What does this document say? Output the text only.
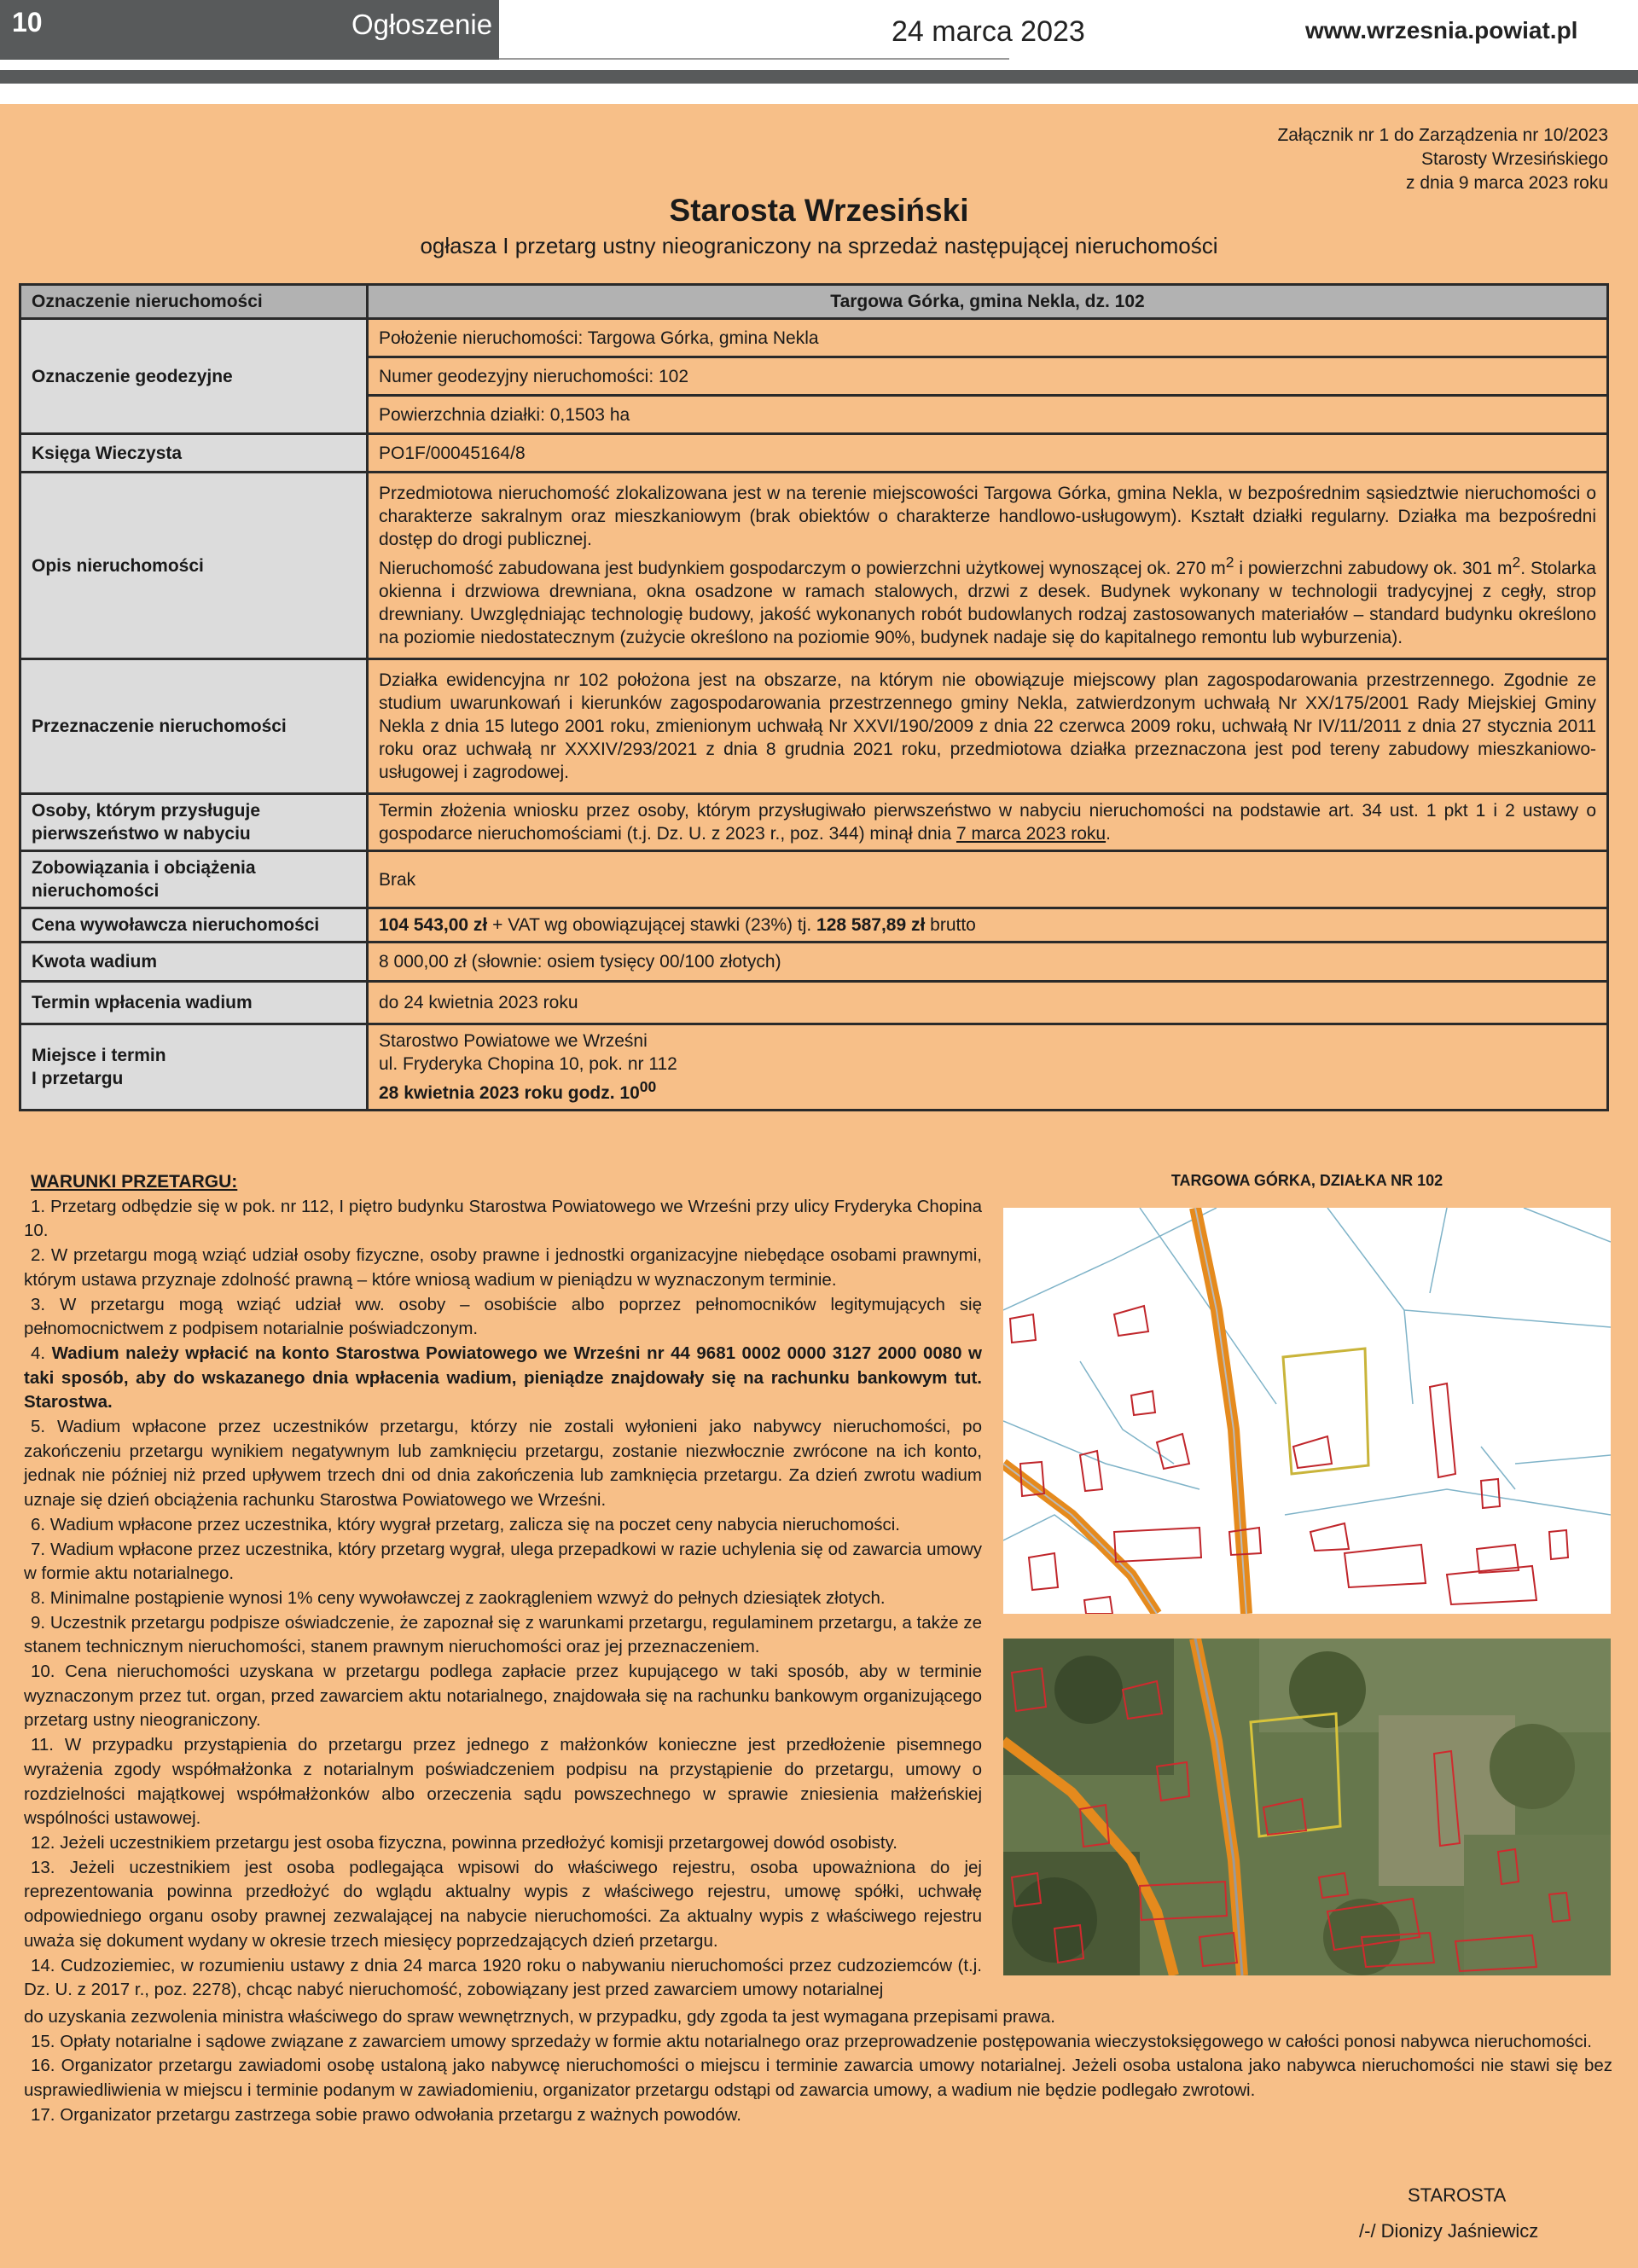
10	Ogłoszenie	24 marca 2023	www.wrzesnia.powiat.pl
Załącznik nr 1 do Zarządzenia nr 10/2023
Starosty Wrzesińskiego
z dnia 9 marca 2023 roku
Starosta Wrzesiński
ogłasza I przetarg ustny nieograniczony na sprzedaż następującej nieruchomości
Oznaczenie nieruchomości	Targowa Górka, gmina Nekla, dz. 102
Oznaczenie geodezyjne	Położenie nieruchomości: Targowa Górka, gmina Nekla
	Numer geodezyjny nieruchomości: 102
	Powierzchnia działki: 0,1503 ha
Księga Wieczysta	PO1F/00045164/8
Opis nieruchomości	Przedmiotowa nieruchomość zlokalizowana jest w na terenie miejscowości Targowa Górka, gmina Nekla, w bezpośrednim sąsiedztwie nieruchomości o charakterze sakralnym oraz mieszkaniowym (brak obiektów o charakterze handlowo-usługowym). Kształt działki regularny. Działka ma bezpośredni dostęp do drogi publicznej.
Nieruchomość zabudowana jest budynkiem gospodarczym o powierzchni użytkowej wynoszącej ok. 270 $m^2$ i powierzchni zabudowy ok. 301 $m^2$. Stolarka okienna i drzwiowa drewniana, okna osadzone w ramach stalowych, drzwi z desek. Budynek wykonany w technologii tradycyjnej z cegły, strop drewniany. Uwzględniając technologię budowy, jakość wykonanych robót budowlanych rodzaj zastosowanych materiałów – standard budynku określono na poziomie niedostatecznym (zużycie określono na poziomie 90%, budynek nadaje się do kapitalnego remontu lub wyburzenia).
Przeznaczenie nieruchomości	Działka ewidencyjna nr 102 położona jest na obszarze, na którym nie obowiązuje miejscowy plan zagospodarowania przestrzennego. Zgodnie ze studium uwarunkowań i kierunków zagospodarowania przestrzennego gminy Nekla, zatwierdzonym uchwałą Nr XX/175/2001 Rady Miejskiej Gminy Nekla z dnia 15 lutego 2001 roku, zmienionym uchwałą Nr XXVI/190/2009 z dnia 22 czerwca 2009 roku, uchwałą Nr IV/11/2011 z dnia 27 stycznia 2011 roku oraz uchwałą nr XXXIV/293/2021 z dnia 8 grudnia 2021 roku, przedmiotowa działka przeznaczona jest pod tereny zabudowy mieszkaniowo-usługowej i zagrodowej.
Osoby, którym przysługuje pierwszeństwo w nabyciu	Termin złożenia wniosku przez osoby, którym przysługiwało pierwszeństwo w nabyciu nieruchomości na podstawie art. 34 ust. 1 pkt 1 i 2 ustawy o gospodarce nieruchomościami (t.j. Dz. U. z 2023 r., poz. 344) minął dnia 7 marca 2023 roku.
Zobowiązania i obciążenia nieruchomości	Brak
Cena wywoławcza nieruchomości	104 543,00 zł + VAT wg obowiązującej stawki (23%) tj. 128 587,89 zł brutto
Kwota wadium	8 000,00 zł (słownie: osiem tysięcy 00/100 złotych)
Termin wpłacenia wadium	do 24 kwietnia 2023 roku
Miejsce i termin
I przetargu	Starostwo Powiatowe we Wrześni
ul. Fryderyka Chopina 10, pok. nr 112
28 kwietnia 2023 roku godz. $10^{00}$
WARUNKI PRZETARGU:

1. Przetarg odbędzie się w pok. nr 112, I piętro budynku Starostwa Powiatowego we Wrześni przy ulicy Fryderyka Chopina 10.

2. W przetargu mogą wziąć udział osoby fizyczne, osoby prawne i jednostki organizacyjne niebędące osobami prawnymi, którym ustawa przyznaje zdolność prawną – które wniosą wadium w pieniądzu w wyznaczonym terminie.

3. W przetargu mogą wziąć udział ww. osoby – osobiście albo poprzez pełnomocników legitymujących się pełnomocnictwem z podpisem notarialnie poświadczonym.

4. Wadium należy wpłacić na konto Starostwa Powiatowego we Wrześni nr 44 9681 0002 0000 3127 2000 0080 w taki sposób, aby do wskazanego dnia wpłacenia wadium, pieniądze znajdowały się na rachunku bankowym tut. Starostwa.

5. Wadium wpłacone przez uczestników przetargu, którzy nie zostali wyłonieni jako nabywcy nieruchomości, po zakończeniu przetargu wynikiem negatywnym lub zamknięciu przetargu, zostanie niezwłocznie zwrócone na ich konto, jednak nie później niż przed upływem trzech dni od dnia zakończenia lub zamknięcia przetargu. Za dzień zwrotu wadium uznaje się dzień obciążenia rachunku Starostwa Powiatowego we Wrześni.

6. Wadium wpłacone przez uczestnika, który wygrał przetarg, zalicza się na poczet ceny nabycia nieruchomości.

7. Wadium wpłacone przez uczestnika, który przetarg wygrał, ulega przepadkowi w razie uchylenia się od zawarcia umowy w formie aktu notarialnego.

8. Minimalne postąpienie wynosi 1% ceny wywoławczej z zaokrągleniem wzwyż do pełnych dziesiątek złotych.

9. Uczestnik przetargu podpisze oświadczenie, że zapoznał się z warunkami przetargu, regulaminem przetargu, a także ze stanem technicznym nieruchomości, stanem prawnym nieruchomości oraz jej przeznaczeniem.

10. Cena nieruchomości uzyskana w przetargu podlega zapłacie przez kupującego w taki sposób, aby w terminie wyznaczonym przez tut. organ, przed zawarciem aktu notarialnego, znajdowała się na rachunku bankowym organizującego przetarg ustny nieograniczony.

11. W przypadku przystąpienia do przetargu przez jednego z małżonków konieczne jest przedłożenie pisemnego wyrażenia zgody współmałżonka z notarialnym poświadczeniem podpisu na przystąpienie do przetargu, umowy o rozdzielności majątkowej współmałżonków albo orzeczenia sądu powszechnego w sprawie zniesienia małżeńskiej wspólności ustawowej.

12. Jeżeli uczestnikiem przetargu jest osoba fizyczna, powinna przedłożyć komisji przetargowej dowód osobisty.

13. Jeżeli uczestnikiem jest osoba podlegająca wpisowi do właściwego rejestru, osoba upoważniona do jej reprezentowania powinna przedłożyć do wglądu aktualny wypis z właściwego rejestru, umowę spółki, uchwałę odpowiedniego organu osoby prawnej zezwalającej na nabycie nieruchomości. Za aktualny wypis z właściwego rejestru uważa się dokument wydany w okresie trzech miesięcy poprzedzających dzień przetargu.

14. Cudzoziemiec, w rozumieniu ustawy z dnia 24 marca 1920 roku o nabywaniu nieruchomości przez cudzoziemców (t.j. Dz. U. z 2017 r., poz. 2278), chcąc nabyć nieruchomość, zobowiązany jest przed zawarciem umowy notarialnej

do uzyskania zezwolenia ministra właściwego do spraw wewnętrznych, w przypadku, gdy zgoda ta jest wymagana przepisami prawa.

15. Opłaty notarialne i sądowe związane z zawarciem umowy sprzedaży w formie aktu notarialnego oraz przeprowadzenie postępowania wieczystoksięgowego w całości ponosi nabywca nieruchomości.

16. Organizator przetargu zawiadomi osobę ustaloną jako nabywcę nieruchomości o miejscu i terminie zawarcia umowy notarialnej. Jeżeli osoba ustalona jako nabywca nieruchomości nie stawi się bez usprawiedliwienia w miejscu i terminie podanym w zawiadomieniu, organizator przetargu odstąpi od zawarcia umowy, a wadium nie będzie podlegało zwrotowi.

17. Organizator przetargu zastrzega sobie prawo odwołania przetargu z ważnych powodów.

TARGOWA GÓRKA, DZIAŁKA NR 102
STAROSTA
/-/ Dionizy Jaśniewicz
